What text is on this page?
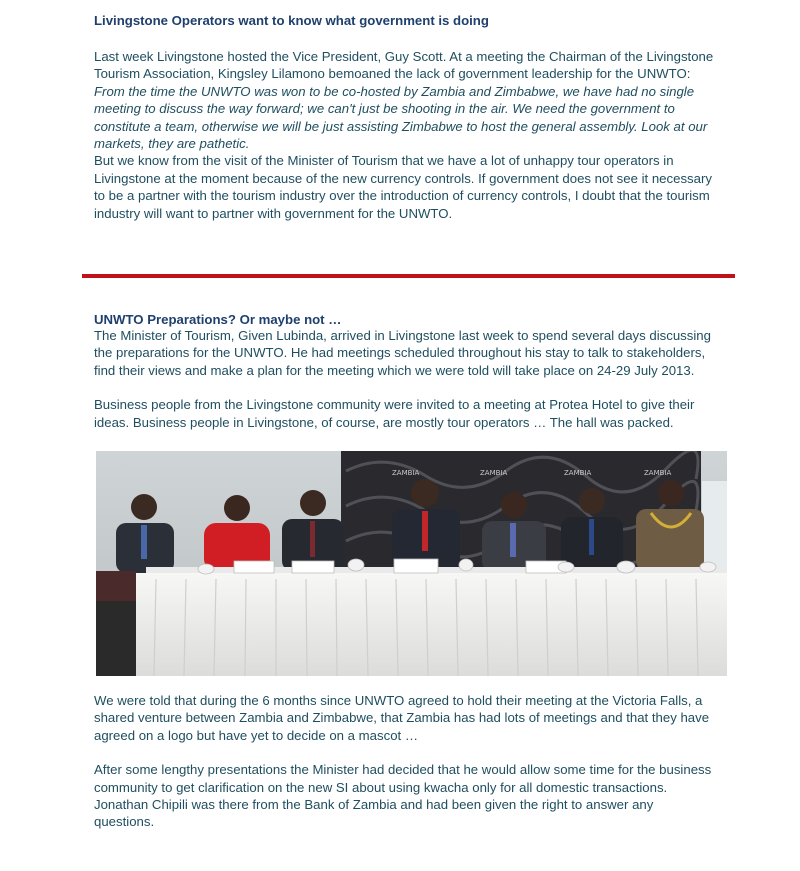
Livingstone Operators want to know what government is doing

Last week Livingstone hosted the Vice President, Guy Scott. At a meeting the Chairman of the Livingstone Tourism Association, Kingsley Lilamono bemoaned the lack of government leadership for the UNWTO:

From the time the UNWTO was won to be co-hosted by Zambia and Zimbabwe, we have had no single meeting to discuss the way forward; we can't just be shooting in the air. We need the government to constitute a team, otherwise we will be just assisting Zimbabwe to host the general assembly. Look at our markets, they are pathetic.

But we know from the visit of the Minister of Tourism that we have a lot of unhappy tour operators in Livingstone at the moment because of the new currency controls. If government does not see it necessary to be a partner with the tourism industry over the introduction of currency controls, I doubt that the tourism industry will want to partner with government for the UNWTO.

UNWTO Preparations? Or maybe not …

The Minister of Tourism, Given Lubinda, arrived in Livingstone last week to spend several days discussing the preparations for the UNWTO. He had meetings scheduled throughout his stay to talk to stakeholders, find their views and make a plan for the meeting which we were told will take place on 24-29 July 2013.

Business people from the Livingstone community were invited to a meeting at Protea Hotel to give their ideas. Business people in Livingstone, of course, are mostly tour operators … The hall was packed.

ZAMBIA	ZAMBIA	ZAMBIA	ZAMBIA

We were told that during the 6 months since UNWTO agreed to hold their meeting at the Victoria Falls, a shared venture between Zambia and Zimbabwe, that Zambia has had lots of meetings and that they have agreed on a logo but have yet to decide on a mascot …

After some lengthy presentations the Minister had decided that he would allow some time for the business community to get clarification on the new SI about using kwacha only for all domestic transactions. Jonathan Chipili was there from the Bank of Zambia and had been given the right to answer any questions.
